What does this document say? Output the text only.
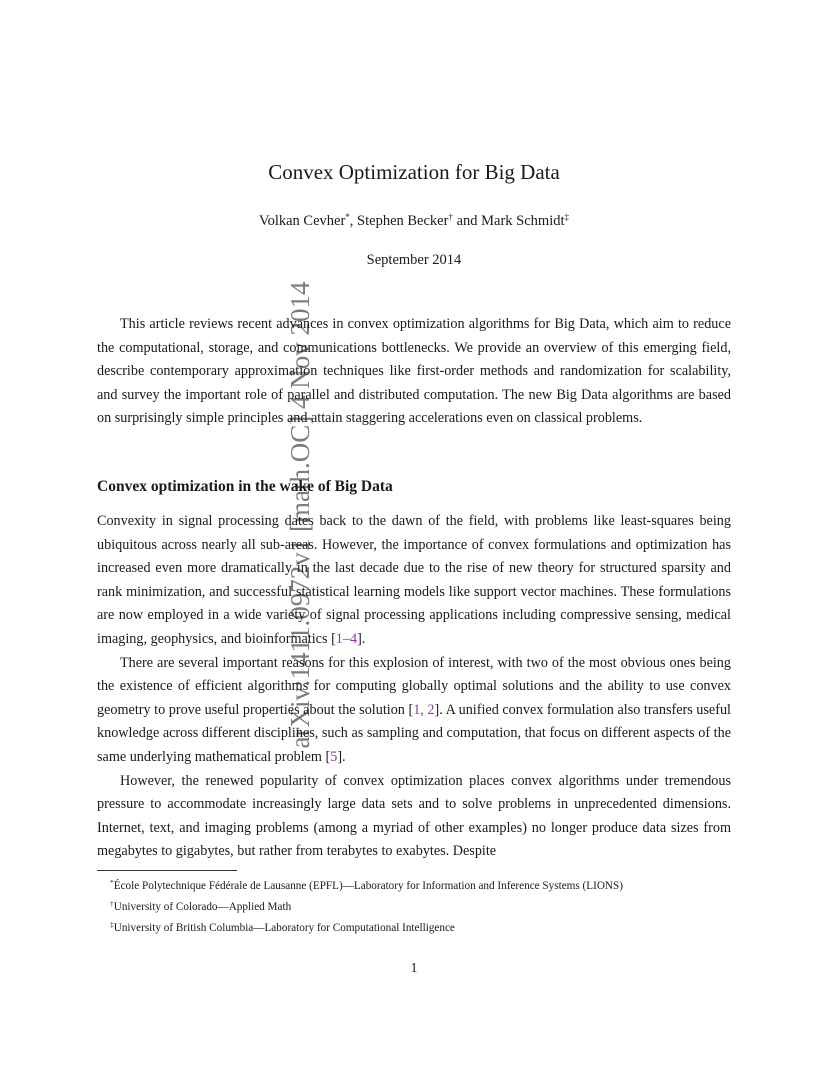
arXiv:1411.0972v1 [math.OC] 4 Nov 2014
Convex Optimization for Big Data
Volkan Cevher*, Stephen Becker† and Mark Schmidt‡
September 2014

This article reviews recent advances in convex optimization algorithms for Big Data, which aim to reduce the computational, storage, and communications bottlenecks. We provide an overview of this emerging field, describe contemporary approximation techniques like first-order methods and randomization for scalability, and survey the important role of parallel and distributed computation. The new Big Data algorithms are based on surprisingly simple principles and attain staggering accelerations even on classical problems.

Convex optimization in the wake of Big Data

Convexity in signal processing dates back to the dawn of the field, with problems like least-squares being ubiquitous across nearly all sub-areas. However, the importance of convex formulations and optimization has increased even more dramatically in the last decade due to the rise of new theory for structured sparsity and rank minimization, and successful statistical learning models like support vector machines. These formulations are now employed in a wide variety of signal processing applications including compressive sensing, medical imaging, geophysics, and bioinformatics [1–4].

There are several important reasons for this explosion of interest, with two of the most obvious ones being the existence of efficient algorithms for computing globally optimal solutions and the ability to use convex geometry to prove useful properties about the solution [1, 2]. A unified convex formulation also transfers useful knowledge across different disciplines, such as sampling and computation, that focus on different aspects of the same underlying mathematical problem [5].

However, the renewed popularity of convex optimization places convex algorithms under tremendous pressure to accommodate increasingly large data sets and to solve problems in unprecedented dimensions. Internet, text, and imaging problems (among a myriad of other examples) no longer produce data sizes from megabytes to gigabytes, but rather from terabytes to exabytes. Despite

*École Polytechnique Fédérale de Lausanne (EPFL)—Laboratory for Information and Inference Systems (LIONS)
†University of Colorado—Applied Math
‡University of British Columbia—Laboratory for Computational Intelligence
1
